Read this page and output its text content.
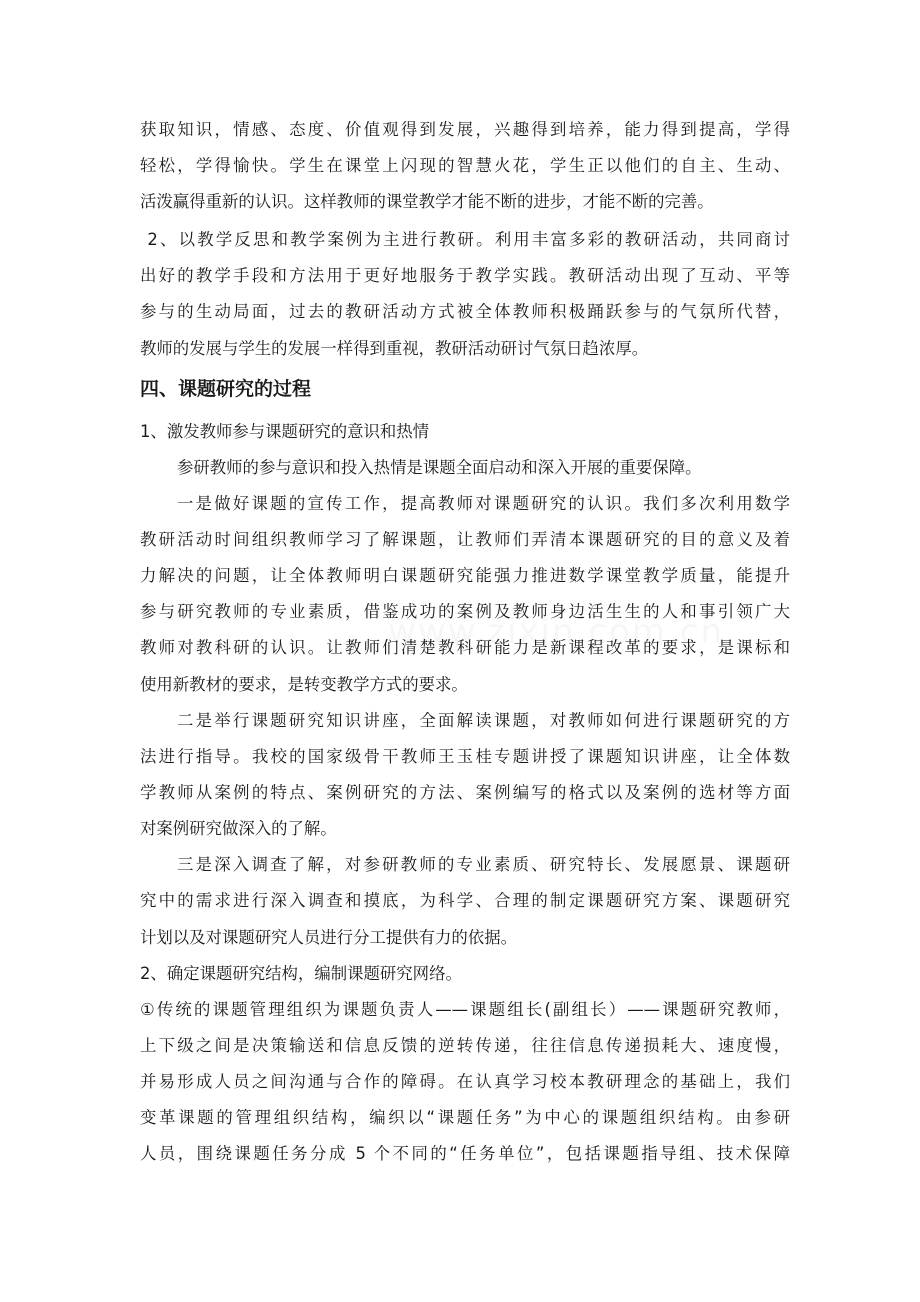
获取知识，情感、态度、价值观得到发展，兴趣得到培养，能力得到提高，学得
轻松，学得愉快。学生在课堂上闪现的智慧火花，学生正以他们的自主、生动、
活泼赢得重新的认识。这样教师的课堂教学才能不断的进步，才能不断的完善。
2、以教学反思和教学案例为主进行教研。利用丰富多彩的教研活动，共同商讨
出好的教学手段和方法用于更好地服务于教学实践。教研活动出现了互动、平等
参与的生动局面，过去的教研活动方式被全体教师积极踊跃参与的气氛所代替，
教师的发展与学生的发展一样得到重视，教研活动研讨气氛日趋浓厚。
四、课题研究的过程
1、激发教师参与课题研究的意识和热情
参研教师的参与意识和投入热情是课题全面启动和深入开展的重要保障。
一是做好课题的宣传工作，提高教师对课题研究的认识。我们多次利用数学
教研活动时间组织教师学习了解课题，让教师们弄清本课题研究的目的意义及着
力解决的问题，让全体教师明白课题研究能强力推进数学课堂教学质量，能提升
参与研究教师的专业素质，借鉴成功的案例及教师身边活生生的人和事引领广大
教师对教科研的认识。让教师们清楚教科研能力是新课程改革的要求，是课标和
使用新教材的要求，是转变教学方式的要求。
二是举行课题研究知识讲座，全面解读课题，对教师如何进行课题研究的方
法进行指导。我校的国家级骨干教师王玉桂专题讲授了课题知识讲座，让全体数
学教师从案例的特点、案例研究的方法、案例编写的格式以及案例的选材等方面
对案例研究做深入的了解。
三是深入调查了解，对参研教师的专业素质、研究特长、发展愿景、课题研
究中的需求进行深入调查和摸底，为科学、合理的制定课题研究方案、课题研究
计划以及对课题研究人员进行分工提供有力的依据。
2、确定课题研究结构，编制课题研究网络。
①传统的课题管理组织为课题负责人——课题组长(副组长）——课题研究教师，
上下级之间是决策输送和信息反馈的逆转传递，往往信息传递损耗大、速度慢，
并易形成人员之间沟通与合作的障碍。在认真学习校本教研理念的基础上，我们
变革课题的管理组织结构，编织以“课题任务”为中心的课题组织结构。由参研
人员，围绕课题任务分成 5 个不同的“任务单位”，包括课题指导组、技术保障
